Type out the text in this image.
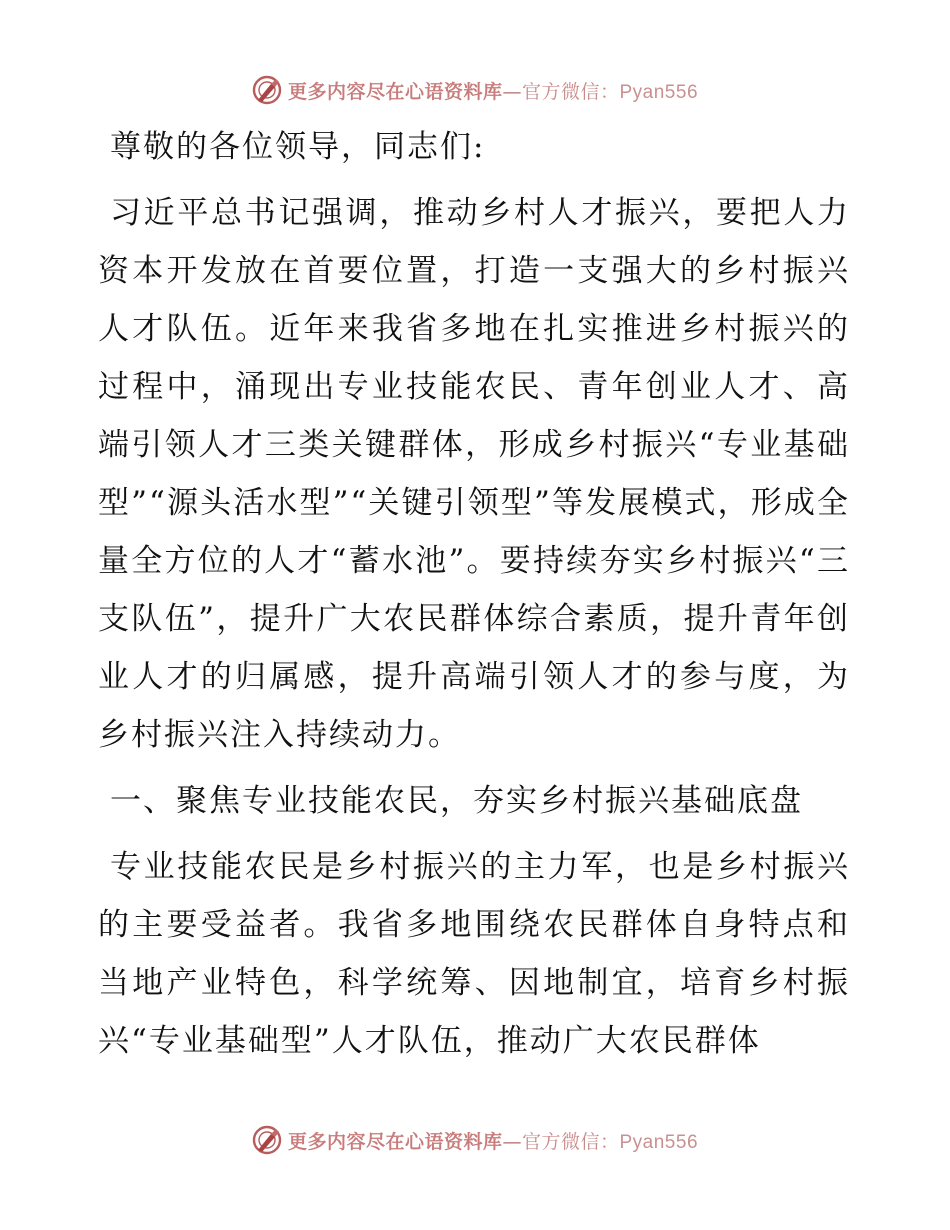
更多内容尽在心语资料库—官方微信：Pyan556

尊敬的各位领导，同志们:

习近平总书记强调，推动乡村人才振兴，要把人力资本开发放在首要位置，打造一支强大的乡村振兴人才队伍。近年来我省多地在扎实推进乡村振兴的过程中，涌现出专业技能农民、青年创业人才、高端引领人才三类关键群体，形成乡村振兴“专业基础型”“源头活水型”“关键引领型”等发展模式，形成全量全方位的人才“蓄水池”。要持续夯实乡村振兴“三支队伍”，提升广大农民群体综合素质，提升青年创业人才的归属感，提升高端引领人才的参与度，为乡村振兴注入持续动力。

一、聚焦专业技能农民，夯实乡村振兴基础底盘

专业技能农民是乡村振兴的主力军，也是乡村振兴的主要受益者。我省多地围绕农民群体自身特点和当地产业特色，科学统筹、因地制宜，培育乡村振兴“专业基础型”人才队伍，推动广大农民群体

更多内容尽在心语资料库—官方微信：Pyan556
